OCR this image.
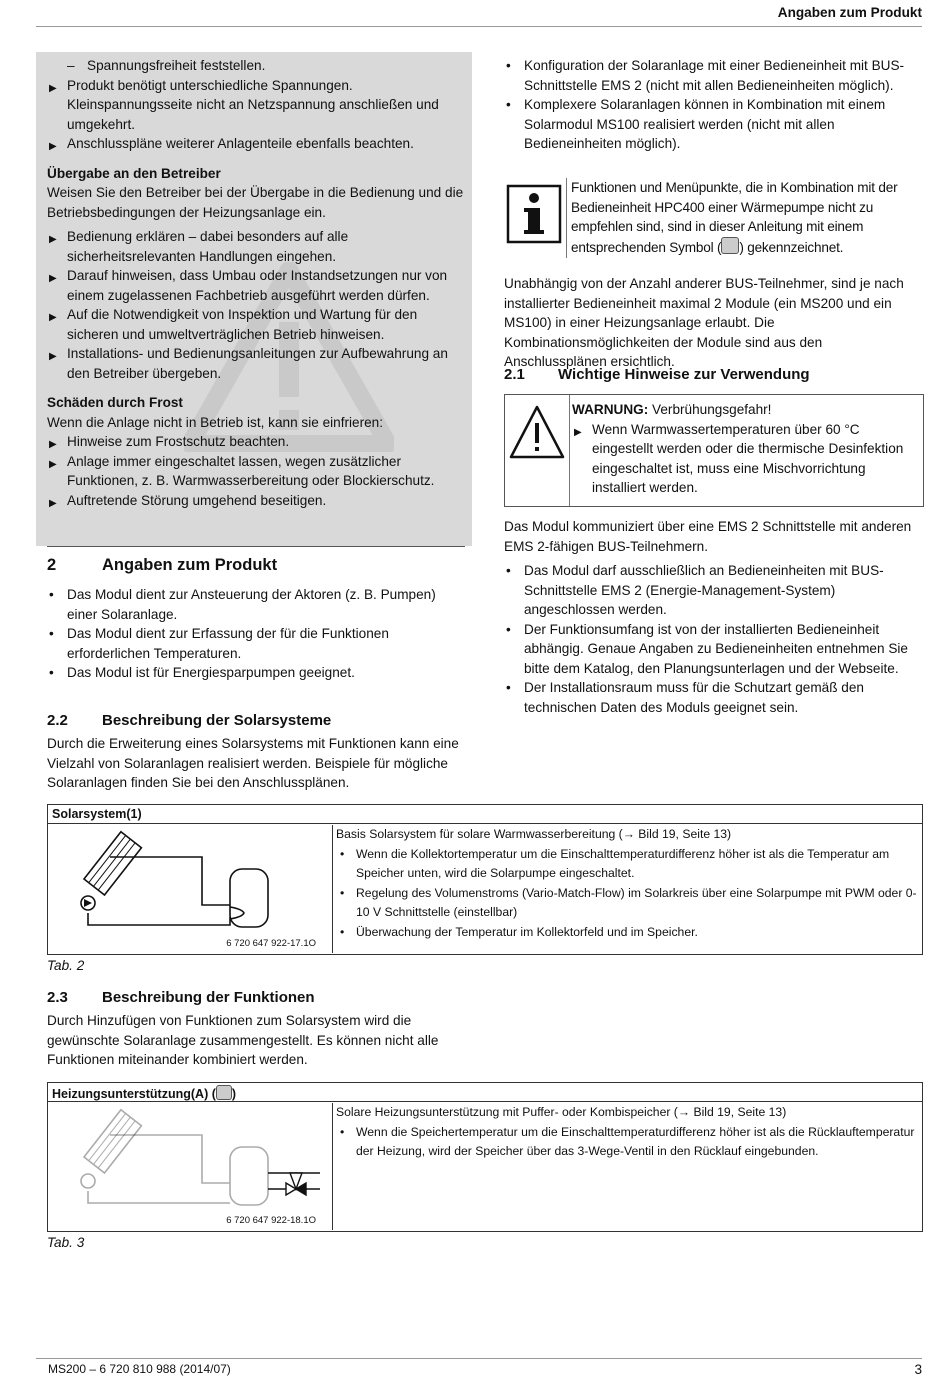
Angaben zum Produkt
– Spannungsfreiheit feststellen.
▶ Produkt benötigt unterschiedliche Spannungen. Kleinspannungsseite nicht an Netzspannung anschließen und umgekehrt.
▶ Anschlusspläne weiterer Anlagenteile ebenfalls beachten.
Übergabe an den Betreiber
Weisen Sie den Betreiber bei der Übergabe in die Bedienung und die Betriebsbedingungen der Heizungsanlage ein.
▶ Bedienung erklären – dabei besonders auf alle sicherheitsrelevanten Handlungen eingehen.
▶ Darauf hinweisen, dass Umbau oder Instandsetzungen nur von einem zugelassenen Fachbetrieb ausgeführt werden dürfen.
▶ Auf die Notwendigkeit von Inspektion und Wartung für den sicheren und umweltverträglichen Betrieb hinweisen.
▶ Installations- und Bedienungsanleitungen zur Aufbewahrung an den Betreiber übergeben.
Schäden durch Frost
Wenn die Anlage nicht in Betrieb ist, kann sie einfrieren:
▶ Hinweise zum Frostschutz beachten.
▶ Anlage immer eingeschaltet lassen, wegen zusätzlicher Funktionen, z. B. Warmwasserbereitung oder Blockierschutz.
▶ Auftretende Störung umgehend beseitigen.
2	Angaben zum Produkt
• Das Modul dient zur Ansteuerung der Aktoren (z. B. Pumpen) einer Solaranlage.
• Das Modul dient zur Erfassung der für die Funktionen erforderlichen Temperaturen.
• Das Modul ist für Energiesparpumpen geeignet.
• Konfiguration der Solaranlage mit einer Bedieneinheit mit BUS-Schnittstelle EMS 2 (nicht mit allen Bedieneinheiten möglich).
• Komplexere Solaranlagen können in Kombination mit einem Solarmodul MS100 realisiert werden (nicht mit allen Bedieneinheiten möglich).
Funktionen und Menüpunkte, die in Kombination mit der Bedieneinheit HPC400 einer Wärmepumpe nicht zu empfehlen sind, sind in dieser Anleitung mit einem entsprechenden Symbol ( ) gekennzeichnet.
Unabhängig von der Anzahl anderer BUS-Teilnehmer, sind je nach installierter Bedieneinheit maximal 2 Module (ein MS200 und ein MS100) in einer Heizungsanlage erlaubt. Die Kombinationsmöglichkeiten der Module sind aus den Anschlussplänen ersichtlich.
2.1 Wichtige Hinweise zur Verwendung
WARNUNG: Verbrühungsgefahr!
▶ Wenn Warmwassertemperaturen über 60 °C eingestellt werden oder die thermische Desinfektion eingeschaltet ist, muss eine Mischvorrichtung installiert werden.
Das Modul kommuniziert über eine EMS 2 Schnittstelle mit anderen EMS 2-fähigen BUS-Teilnehmern.
• Das Modul darf ausschließlich an Bedieneinheiten mit BUS-Schnittstelle EMS 2 (Energie-Management-System) angeschlossen werden.
• Der Funktionsumfang ist von der installierten Bedieneinheit abhängig. Genaue Angaben zu Bedieneinheiten entnehmen Sie bitte dem Katalog, den Planungsunterlagen und der Webseite.
• Der Installationsraum muss für die Schutzart gemäß den technischen Daten des Moduls geeignet sein.
2.2 Beschreibung der Solarsysteme
Durch die Erweiterung eines Solarsystems mit Funktionen kann eine Vielzahl von Solaranlagen realisiert werden. Beispiele für mögliche Solaranlagen finden Sie bei den Anschlussplänen.
Solarsystem(1)
6 720 647 922-17.1O
Basis Solarsystem für solare Warmwasserbereitung (→ Bild 19, Seite 13)
• Wenn die Kollektortemperatur um die Einschalttemperaturdifferenz höher ist als die Temperatur am Speicher unten, wird die Solarpumpe eingeschaltet.
• Regelung des Volumenstroms (Vario-Match-Flow) im Solarkreis über eine Solarpumpe mit PWM oder 0-10 V Schnittstelle (einstellbar)
• Überwachung der Temperatur im Kollektorfeld und im Speicher.
Tab. 2
2.3 Beschreibung der Funktionen
Durch Hinzufügen von Funktionen zum Solarsystem wird die gewünschte Solaranlage zusammengestellt. Es können nicht alle Funktionen miteinander kombiniert werden.
Heizungsunterstützung(A) ( )
6 720 647 922-18.1O
Solare Heizungsunterstützung mit Puffer- oder Kombispeicher (→ Bild 19, Seite 13)
• Wenn die Speichertemperatur um die Einschalttemperaturdifferenz höher ist als die Rücklauftemperatur der Heizung, wird der Speicher über das 3-Wege-Ventil in den Rücklauf eingebunden.
Tab. 3
MS200 – 6 720 810 988 (2014/07)	3
